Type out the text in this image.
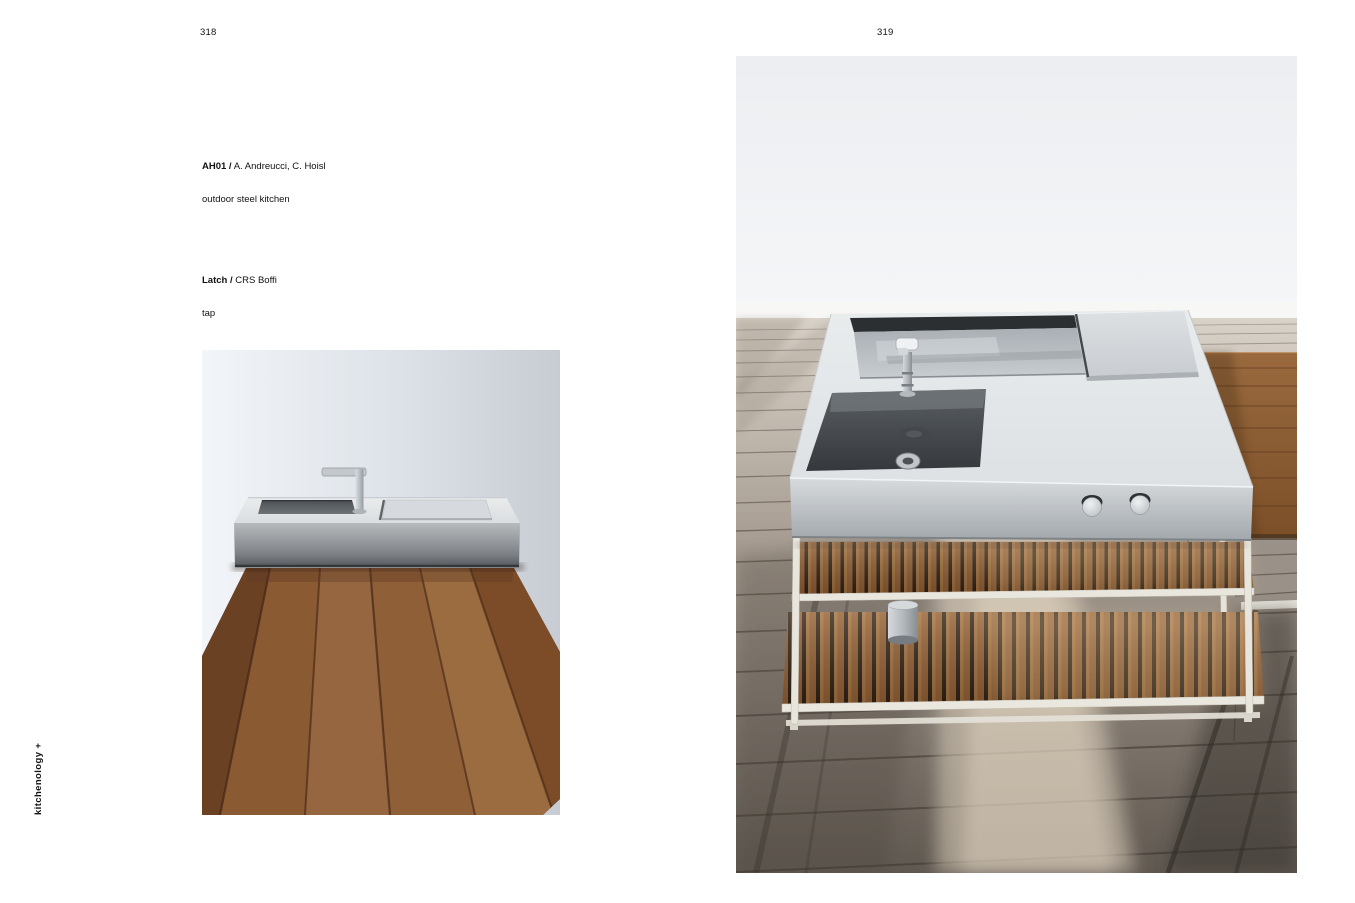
318	319

AH01 / A. Andreucci, C. Hoisl

outdoor steel kitchen

Latch / CRS Boffi

tap

kitchenology +
